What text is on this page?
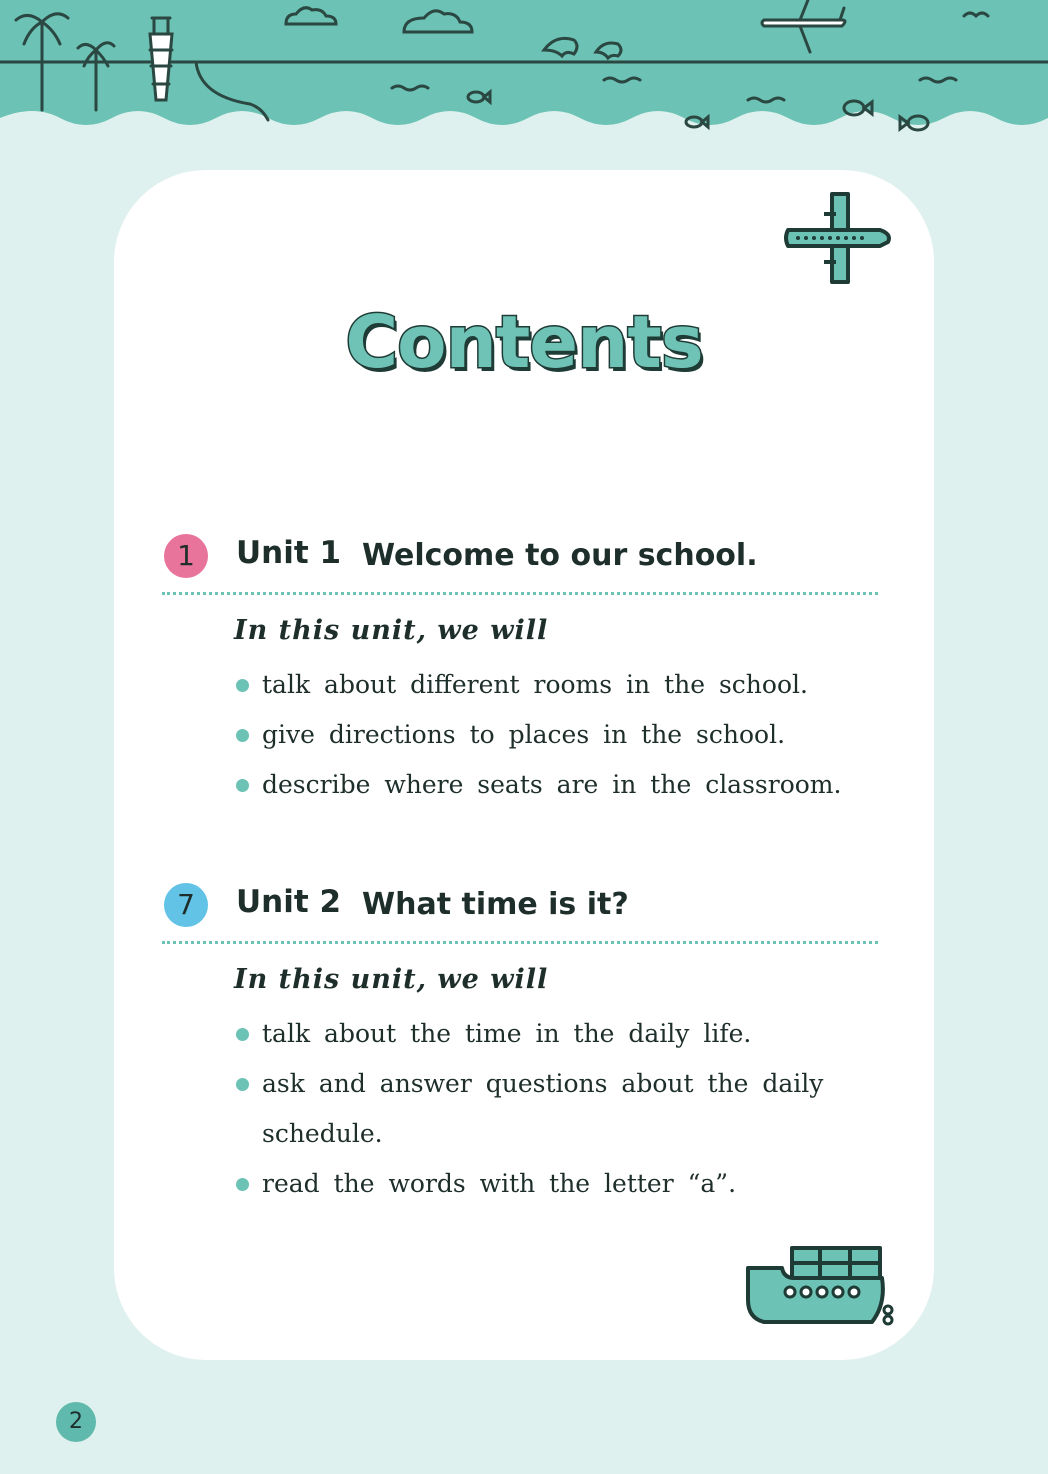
Contents
1	Unit 1 Welcome to our school.
In this unit, we will
talk about different rooms in the school.
give directions to places in the school.
describe where seats are in the classroom.
7	Unit 2 What time is it?
In this unit, we will
talk about the time in the daily life.
ask and answer questions about the daily schedule.
read the words with the letter “a”.
2
